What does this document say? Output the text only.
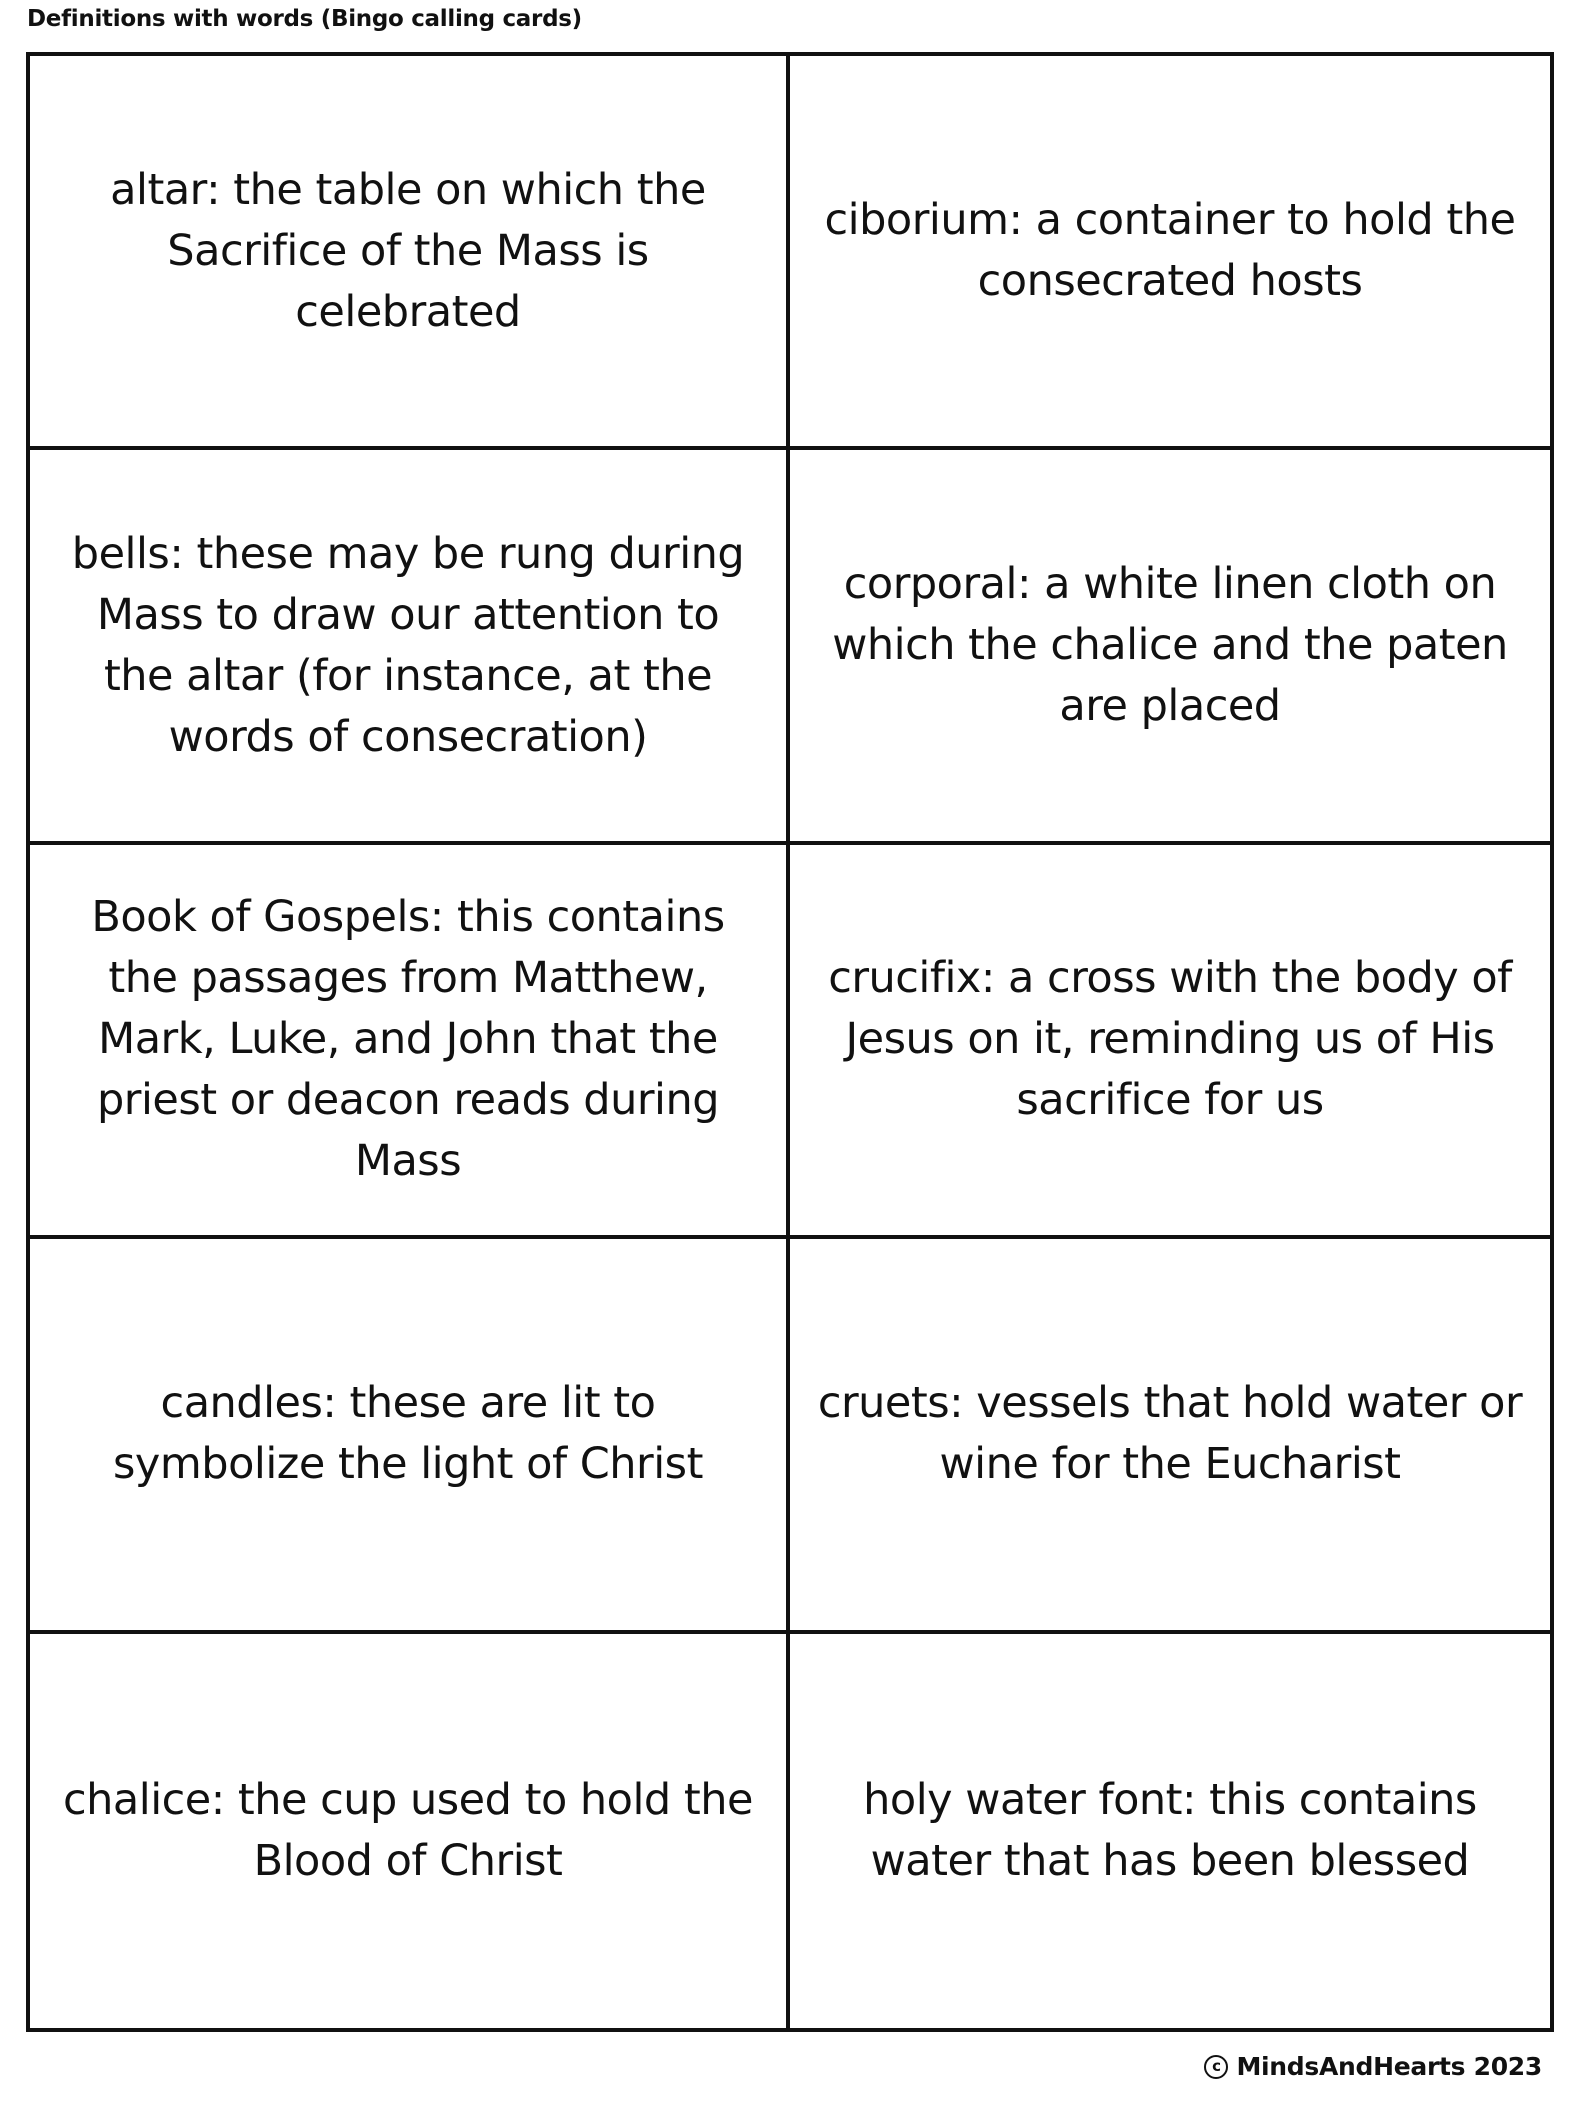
Definitions with words (Bingo calling cards)
altar: the table on which the Sacrifice of the Mass is celebrated
ciborium: a container to hold the consecrated hosts
bells: these may be rung during Mass to draw our attention to the altar (for instance, at the words of consecration)
corporal: a white linen cloth on which the chalice and the paten are placed
Book of Gospels: this contains the passages from Matthew, Mark, Luke, and John that the priest or deacon reads during Mass
crucifix: a cross with the body of Jesus on it, reminding us of His sacrifice for us
candles: these are lit to symbolize the light of Christ
cruets: vessels that hold water or wine for the Eucharist
chalice: the cup used to hold the Blood of Christ
holy water font: this contains water that has been blessed
c MindsAndHearts 2023
